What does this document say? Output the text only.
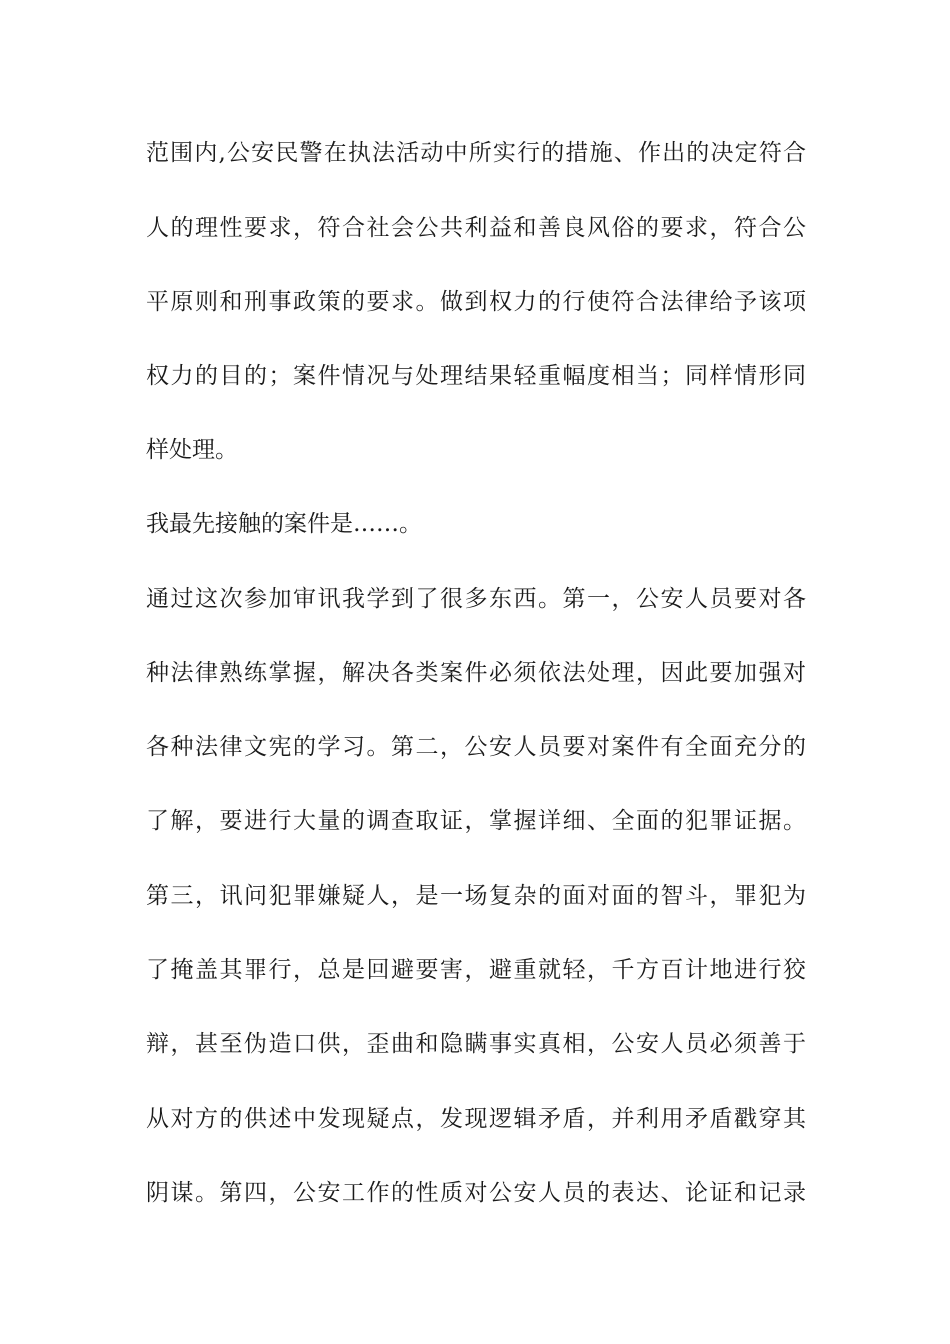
范围内,公安民警在执法活动中所实行的措施、作出的决定符合
人的理性要求，符合社会公共利益和善良风俗的要求，符合公
平原则和刑事政策的要求。做到权力的行使符合法律给予该项
权力的目的；案件情况与处理结果轻重幅度相当；同样情形同
样处理。
我最先接触的案件是……。
通过这次参加审讯我学到了很多东西。第一，公安人员要对各
种法律熟练掌握，解决各类案件必须依法处理，因此要加强对
各种法律文宪的学习。第二，公安人员要对案件有全面充分的
了解，要进行大量的调查取证，掌握详细、全面的犯罪证据。
第三，讯问犯罪嫌疑人，是一场复杂的面对面的智斗，罪犯为
了掩盖其罪行，总是回避要害，避重就轻，千方百计地进行狡
辩，甚至伪造口供，歪曲和隐瞒事实真相，公安人员必须善于
从对方的供述中发现疑点，发现逻辑矛盾，并利用矛盾戳穿其
阴谋。第四，公安工作的性质对公安人员的表达、论证和记录
